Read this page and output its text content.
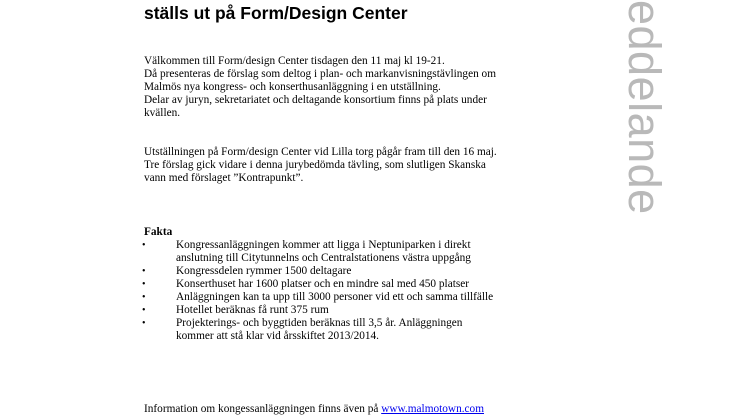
ställs ut på Form/Design Center	eddelande
Välkommen till Form/design Center tisdagen den 11 maj kl 19-21.
Då presenteras de förslag som deltog i plan- och markanvisningstävlingen om
Malmös nya kongress- och konserthusanläggning i en utställning.
Delar av juryn, sekretariatet och deltagande konsortium finns på plats under
kvällen.
Utställningen på Form/design Center vid Lilla torg pågår fram till den 16 maj.
Tre förslag gick vidare i denna jurybedömda tävling, som slutligen Skanska
vann med förslaget ”Kontrapunkt”.
Fakta
•	Kongressanläggningen kommer att ligga i Neptuniparken i direkt
anslutning till Citytunnelns och Centralstationens västra uppgång
•	Kongressdelen rymmer 1500 deltagare
•	Konserthuset har 1600 platser och en mindre sal med 450 platser
•	Anläggningen kan ta upp till 3000 personer vid ett och samma tillfälle
•	Hotellet beräknas få runt 375 rum
•	Projekterings- och byggtiden beräknas till 3,5 år. Anläggningen
kommer att stå klar vid årsskiftet 2013/2014.
Information om kongessanläggningen finns även på www.malmotown.com
